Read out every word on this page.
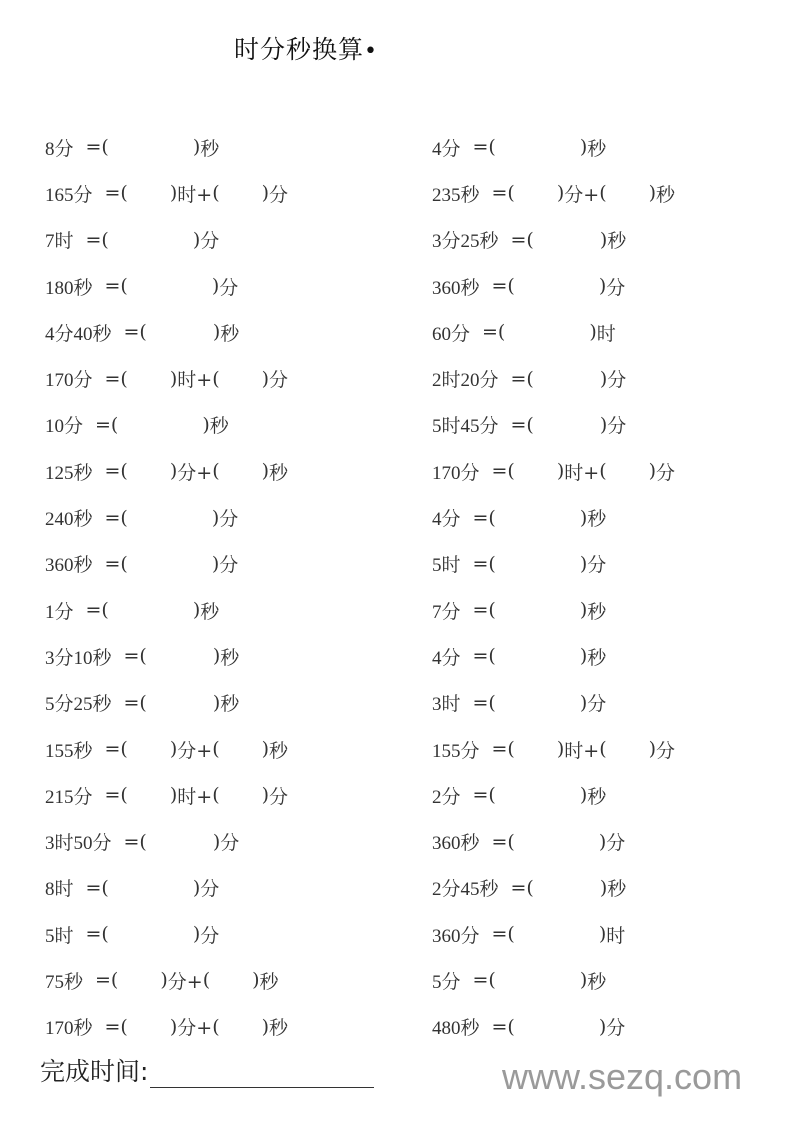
时分秒换算•
8分 =(	) 秒
165分 =( ) 时+ ( ) 分
7时 =(	) 分
180秒 =(	) 分
4分40秒 =(	) 秒
170分 =( ) 时+ ( ) 分
10分 =(	) 秒
125秒 =( ) 分+ ( ) 秒
240秒 =(	) 分
360秒 =(	) 分
1分 =(	) 秒
3分10秒 =(	) 秒
5分25秒 =(	) 秒
155秒 =( ) 分+ ( ) 秒
215分 =( ) 时+ ( ) 分
3时50分 =(	) 分
8时 =(	) 分
5时 =(	) 分
75秒 =( ) 分+ ( ) 秒
170秒 =( ) 分+ ( ) 秒
4分 =(	) 秒
235秒 =( ) 分+ ( ) 秒
3分25秒 =(	) 秒
360秒 =(	) 分
60分 =(	) 时
2时20分 =(	) 分
5时45分 =(	) 分
170分 =( ) 时+ ( ) 分
4分 =(	) 秒
5时 =(	) 分
7分 =(	) 秒
4分 =(	) 秒
3时 =(	) 分
155分 =( ) 时+ ( ) 分
2分 =(	) 秒
360秒 =(	) 分
2分45秒 =(	) 秒
360分 =(	) 时
5分 =(	) 秒
480秒 =(	) 分
完成时间:	www.sezq.com
